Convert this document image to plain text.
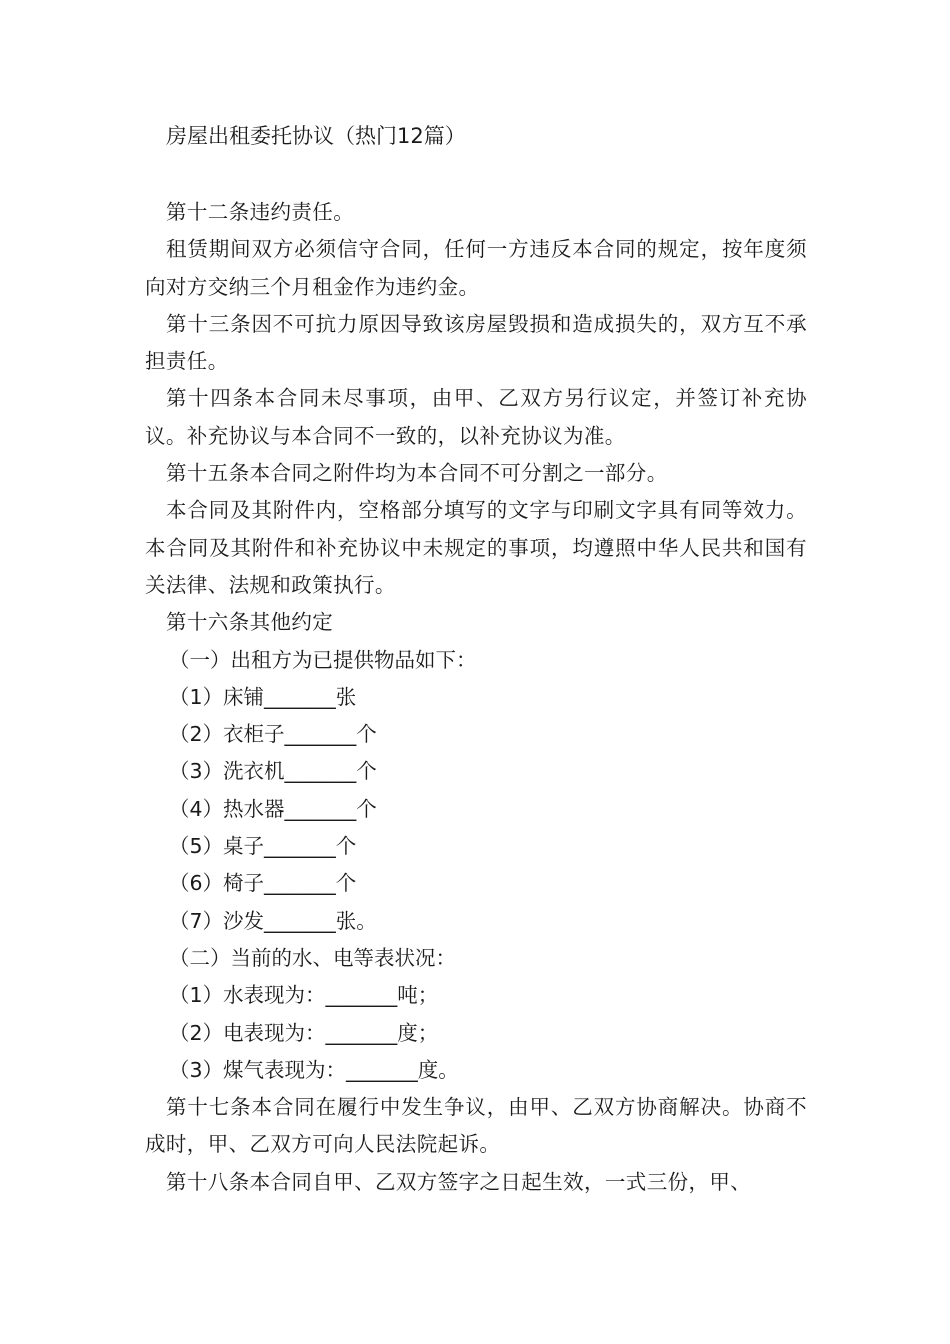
房屋出租委托协议（热门12篇）

第十二条违约责任。

租赁期间双方必须信守合同，任何一方违反本合同的规定，按年度须向对方交纳三个月租金作为违约金。

第十三条因不可抗力原因导致该房屋毁损和造成损失的，双方互不承担责任。

第十四条本合同未尽事项，由甲、乙双方另行议定，并签订补充协议。补充协议与本合同不一致的，以补充协议为准。

第十五条本合同之附件均为本合同不可分割之一部分。

本合同及其附件内，空格部分填写的文字与印刷文字具有同等效力。本合同及其附件和补充协议中未规定的事项，均遵照中华人民共和国有关法律、法规和政策执行。

第十六条其他约定

（一）出租方为已提供物品如下：

（1）床铺_______张

（2）衣柜子_______个

（3）洗衣机_______个

（4）热水器_______个

（5）桌子_______个

（6）椅子_______个

（7）沙发_______张。

（二）当前的水、电等表状况：

（1）水表现为：_______吨；

（2）电表现为：_______度；

（3）煤气表现为：_______度。

第十七条本合同在履行中发生争议，由甲、乙双方协商解决。协商不成时，甲、乙双方可向人民法院起诉。

第十八条本合同自甲、乙双方签字之日起生效，一式三份，甲、
